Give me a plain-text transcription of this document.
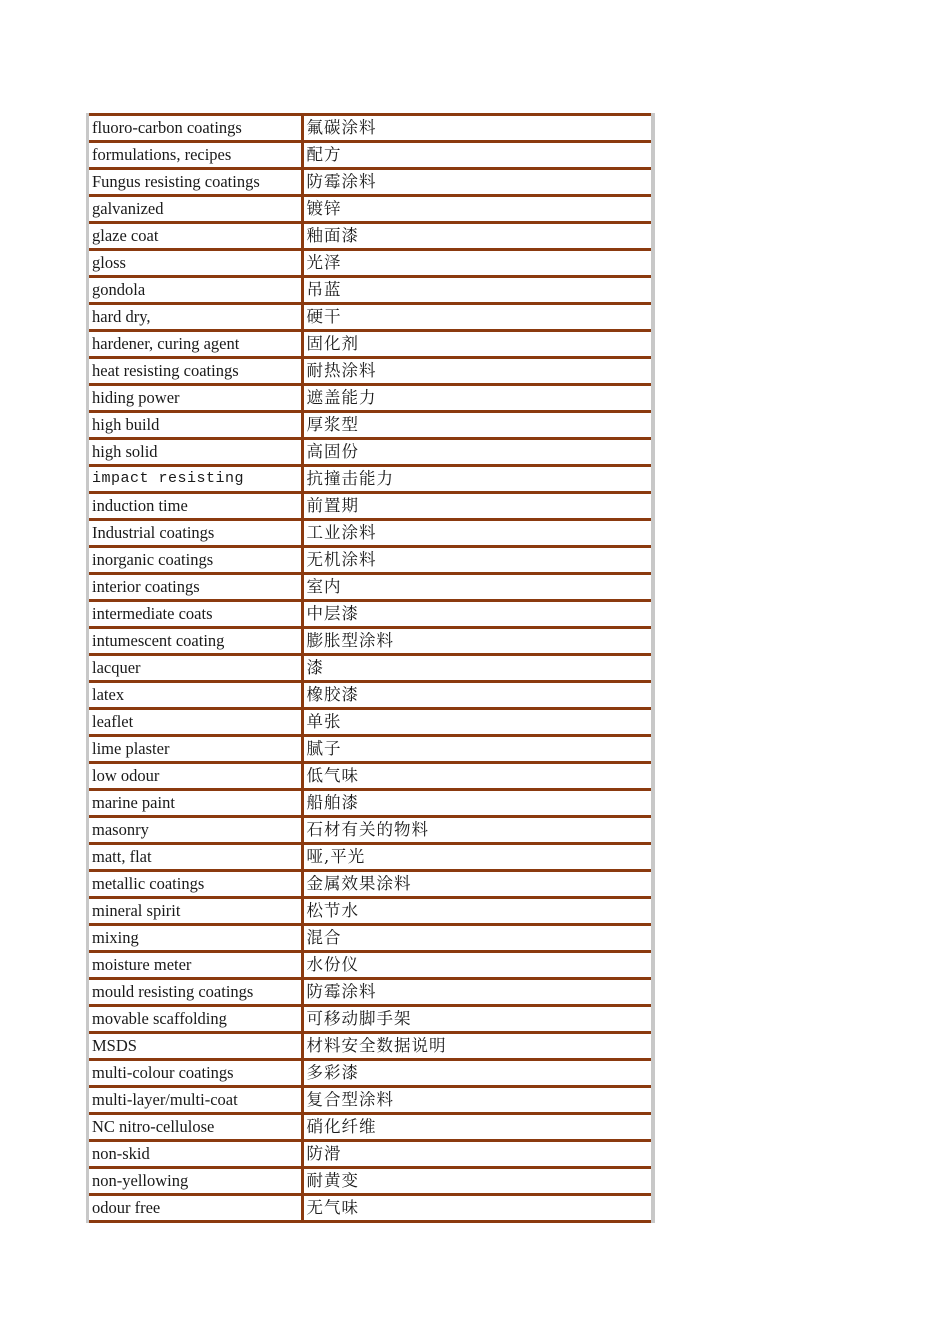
fluoro-carbon coatings	氟碳涂料
formulations, recipes	配方
Fungus resisting coatings	防霉涂料
galvanized	镀锌
glaze coat	釉面漆
gloss	光泽
gondola	吊蓝
hard dry,	硬干
hardener, curing agent	固化剂
heat resisting coatings	耐热涂料
hiding power	遮盖能力
high build	厚浆型
high solid	高固份
impact resisting	抗撞击能力
induction time	前置期
Industrial coatings	工业涂料
inorganic coatings	无机涂料
interior coatings	室内
intermediate coats	中层漆
intumescent coating	膨胀型涂料
lacquer	漆
latex	橡胶漆
leaflet	单张
lime plaster	腻子
low odour	低气味
marine paint	船舶漆
masonry	石材有关的物料
matt, flat	哑,平光
metallic coatings	金属效果涂料
mineral spirit	松节水
mixing	混合
moisture meter	水份仪
mould resisting coatings	防霉涂料
movable scaffolding	可移动脚手架
MSDS	材料安全数据说明
multi-colour coatings	多彩漆
multi-layer/multi-coat	复合型涂料
NC nitro-cellulose	硝化纤维
non-skid	防滑
non-yellowing	耐黄变
odour free	无气味
